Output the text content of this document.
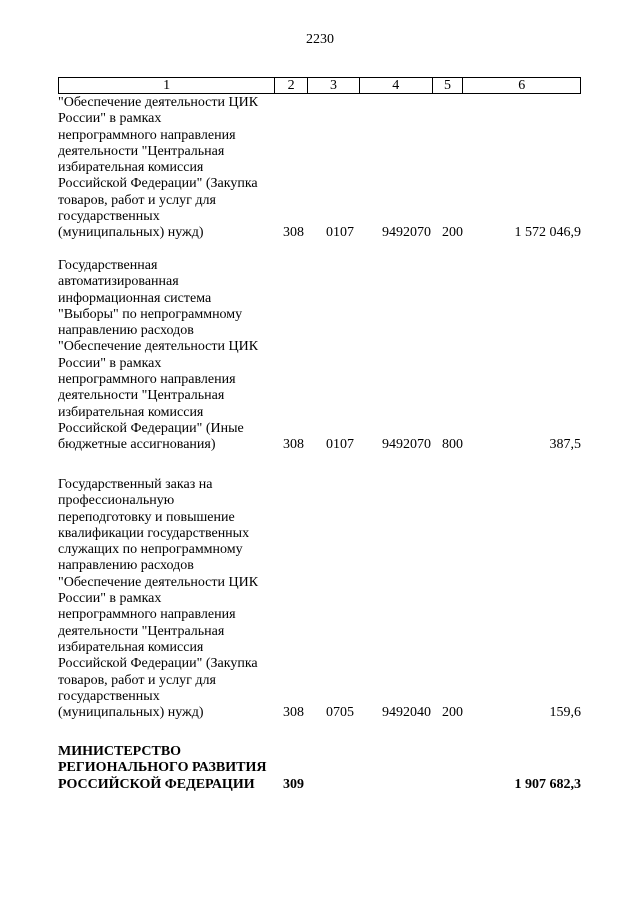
2230
1	2	3	4	5	6
"Обеспечение деятельности ЦИК
России" в рамках
непрограммного направления
деятельности "Центральная
избирательная комиссия
Российской Федерации" (Закупка
товаров, работ и услуг для
государственных
(муниципальных) нужд)	308 0107 9492070 200	1 572 046,9
Государственная
автоматизированная
информационная система
"Выборы" по непрограммному
направлению расходов
"Обеспечение деятельности ЦИК
России" в рамках
непрограммного направления
деятельности "Центральная
избирательная комиссия
Российской Федерации" (Иные
бюджетные ассигнования)	308 0107 9492070 800	387,5
Государственный заказ на
профессиональную
переподготовку и повышение
квалификации государственных
служащих по непрограммному
направлению расходов
"Обеспечение деятельности ЦИК
России" в рамках
непрограммного направления
деятельности "Центральная
избирательная комиссия
Российской Федерации" (Закупка
товаров, работ и услуг для
государственных
(муниципальных) нужд)	308 0705 9492040 200	159,6
МИНИСТЕРСТВО
РЕГИОНАЛЬНОГО РАЗВИТИЯ
РОССИЙСКОЙ ФЕДЕРАЦИИ	309	1 907 682,3
